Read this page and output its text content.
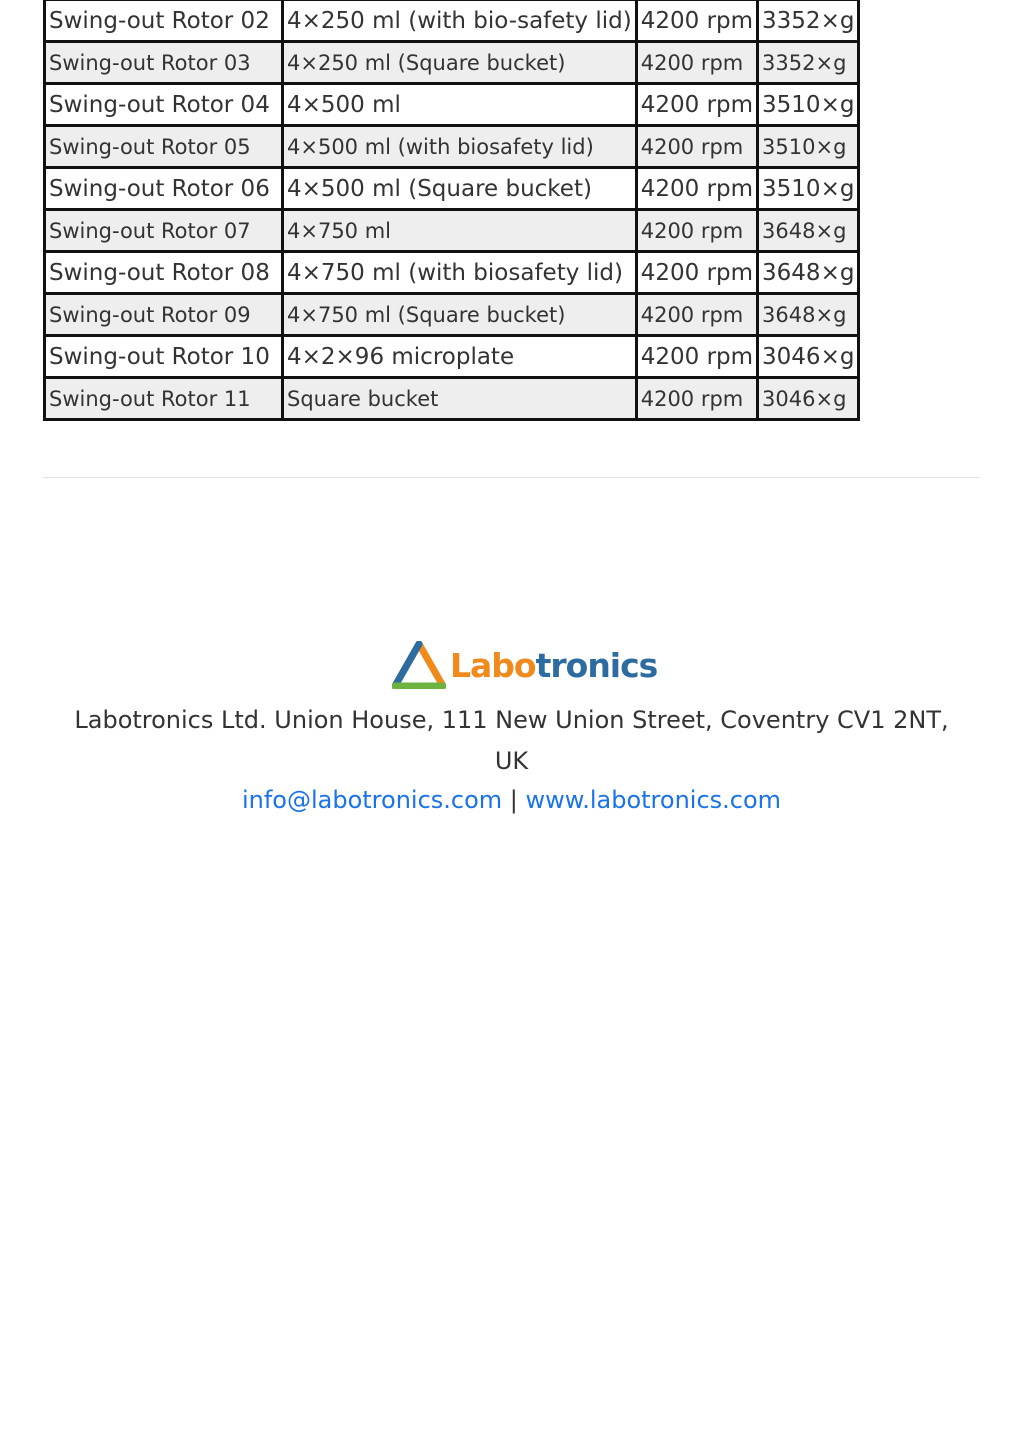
Swing-out Rotor 02	4×250 ml (with bio-safety lid)	4200 rpm	3352×g
Swing-out Rotor 03	4×250 ml (Square bucket)	4200 rpm	3352×g
Swing-out Rotor 04	4×500 ml	4200 rpm	3510×g
Swing-out Rotor 05	4×500 ml (with biosafety lid)	4200 rpm	3510×g
Swing-out Rotor 06	4×500 ml (Square bucket)	4200 rpm	3510×g
Swing-out Rotor 07	4×750 ml	4200 rpm	3648×g
Swing-out Rotor 08	4×750 ml (with biosafety lid)	4200 rpm	3648×g
Swing-out Rotor 09	4×750 ml (Square bucket)	4200 rpm	3648×g
Swing-out Rotor 10	4×2×96 microplate	4200 rpm	3046×g
Swing-out Rotor 11	Square bucket	4200 rpm	3046×g
Labotronics
Labotronics Ltd. Union House, 111 New Union Street, Coventry CV1 2NT,
UK
info@labotronics.com | www.labotronics.com
